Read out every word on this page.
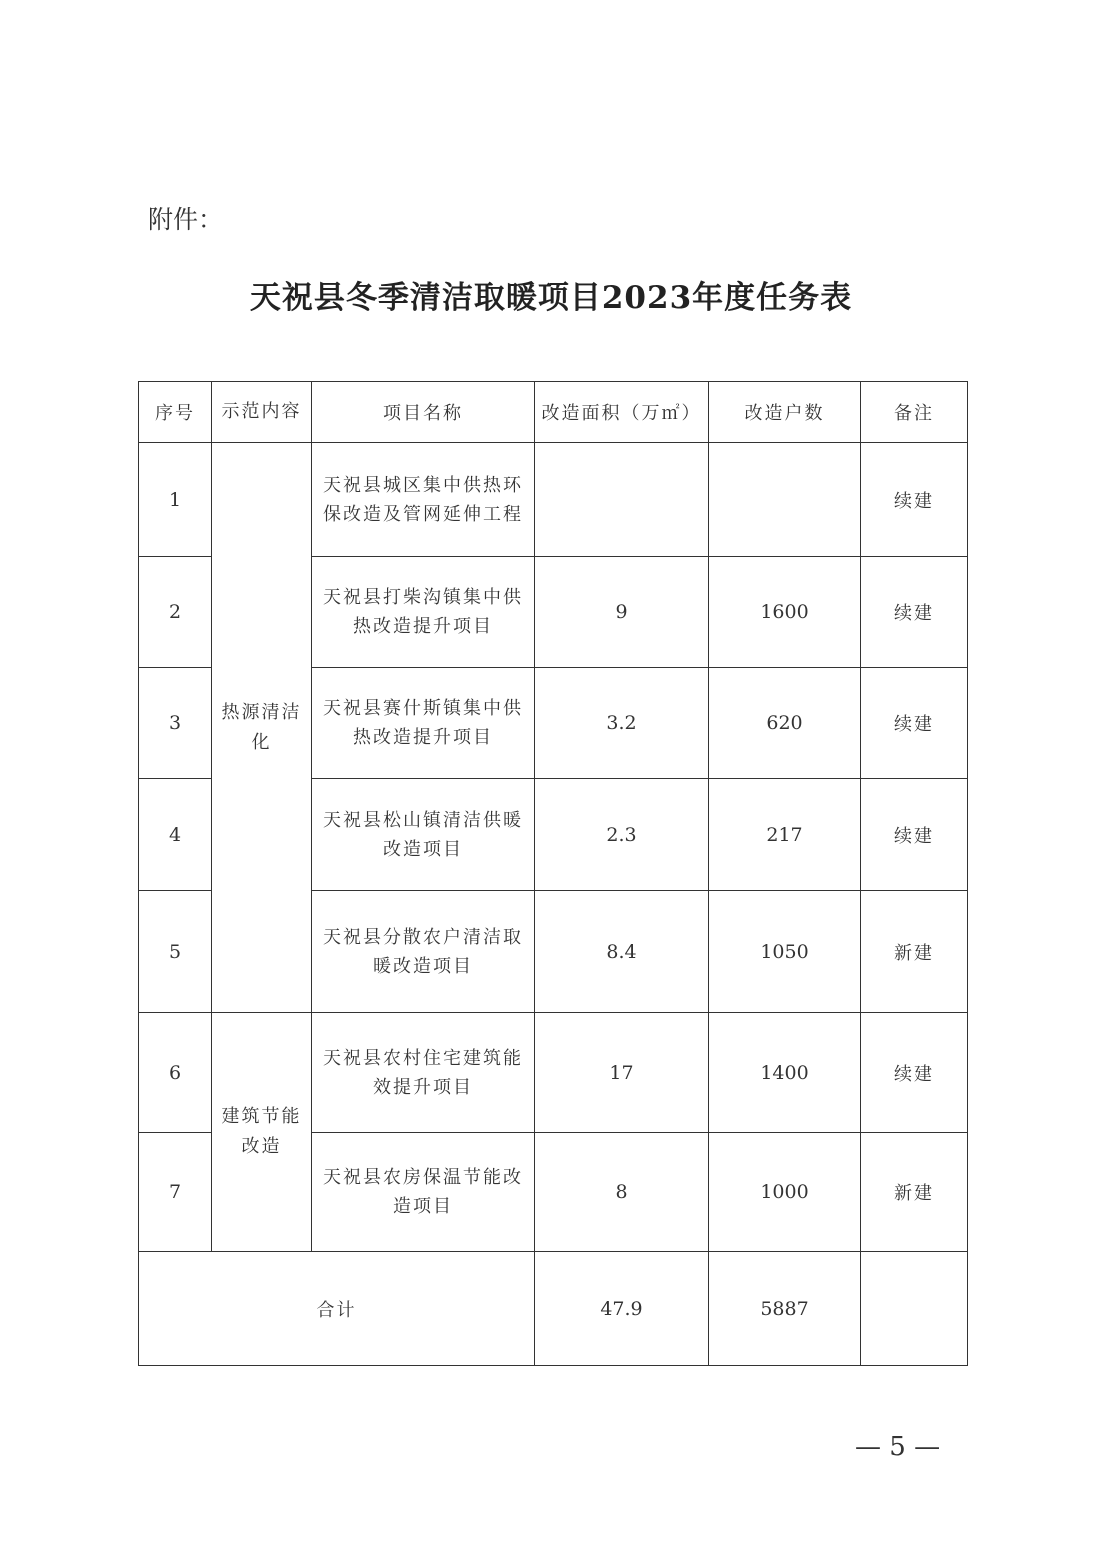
附件：
天祝县冬季清洁取暖项目2023年度任务表
序号	示范内容	项目名称	改造面积（万㎡）	改造户数	备注
1	热源清洁化	天祝县城区集中供热环保改造及管网延伸工程			续建
2		天祝县打柴沟镇集中供热改造提升项目	9	1600	续建
3		天祝县赛什斯镇集中供热改造提升项目	3.2	620	续建
4		天祝县松山镇清洁供暖改造项目	2.3	217	续建
5		天祝县分散农户清洁取暖改造项目	8.4	1050	新建
6	建筑节能改造	天祝县农村住宅建筑能效提升项目	17	1400	续建
7		天祝县农房保温节能改造项目	8	1000	新建
合计			47.9	5887	
— 5 —
